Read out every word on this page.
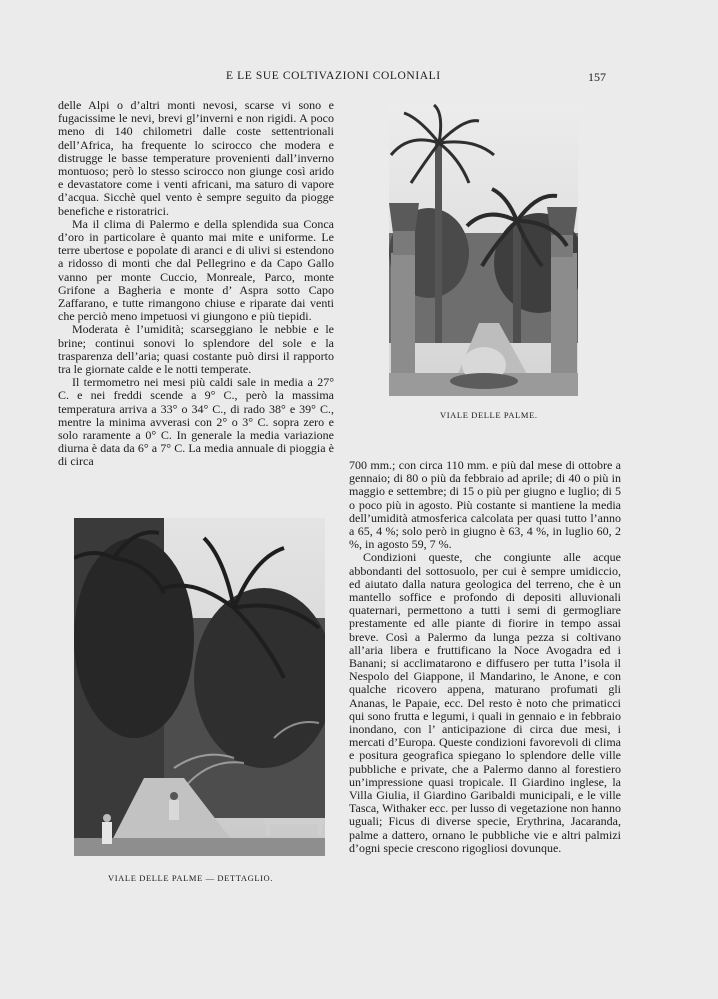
E LE SUE COLTIVAZIONI COLONIALI	157

delle Alpi o d’altri monti nevosi, scarse vi sono e fugacissime le nevi, brevi gl’inverni e non rigidi. A poco meno di 140 chilometri dalle coste settentrionali dell’Africa, ha frequente lo scirocco che modera e distrugge le basse temperature provenienti dall’inverno montuoso; però lo stesso scirocco non giunge così arido e devastatore come i venti africani, ma saturo di vapore d’acqua. Sicchè quel vento è sempre seguito da piogge benefiche e ristoratrici.

Ma il clima di Palermo e della splendida sua Conca d’oro in particolare è quanto mai mite e uniforme. Le terre ubertose e popolate di aranci e di ulivi si estendono a ridosso di monti che dal Pellegrino e da Capo Gallo vanno per monte Cuccio, Monreale, Parco, monte Grifone a Bagheria e monte d’ Aspra sotto Capo Zaffarano, e tutte rimangono chiuse e riparate dai venti che perciò meno impetuosi vi giungono e più tiepidi.

Moderata è l’umidità; scarseggiano le nebbie e le brine; continui sonovi lo splendore del sole e la trasparenza dell’aria; quasi costante può dirsi il rapporto tra le giornate calde e le notti temperate.

Il termometro nei mesi più caldi sale in media a 27° C. e nei freddi scende a 9° C., però la massima temperatura arriva a 33° o 34° C., di rado 38° e 39° C., mentre la minima avverasi con 2° o 3° C. sopra zero e solo raramente a 0° C. In generale la media variazione diurna è data da 6° a 7° C. La media annuale di pioggia è di circa	700 mm.; con circa 110 mm. e più dal mese di ottobre a gennaio; di 80 o più da febbraio ad aprile; di 40 o più in maggio e settembre; di 15 o più per giugno e luglio; di 5 o poco più in agosto. Più costante si mantiene la media dell’umidità atmosferica calcolata per quasi tutto l’anno a 65, 4 %; solo però in giugno è 63, 4 %, in luglio 60, 2 %, in agosto 59, 7 %.

Condizioni queste, che congiunte alle acque abbondanti del sottosuolo, per cui è sempre umidiccio, ed aiutato dalla natura geologica del terreno, che è un mantello soffice e profondo di depositi alluvionali quaternari, permettono a tutti i semi di germogliare prestamente ed alle piante di fiorire in tempo assai breve. Così a Palermo da lunga pezza si coltivano all’aria libera e fruttificano la Noce Avogadra ed i Banani; si acclimatarono e diffusero per tutta l’isola il Nespolo del Giappone, il Mandarino, le Anone, e con qualche ricovero appena, maturano profumati gli Ananas, le Papaie, ecc. Del resto è noto che primaticci qui sono frutta e legumi, i quali in gennaio e in febbraio inondano, con l’ anticipazione di circa due mesi, i mercati d’Europa. Queste condizioni favorevoli di clima e positura geografica spiegano lo splendore delle ville pubbliche e private, che a Palermo danno al forestiero un’impressione quasi tropicale. Il Giardino inglese, la Villa Giulia, il Giardino Garibaldi municipali, e le ville Tasca, Withaker ecc. per lusso di vegetazione non hanno uguali; Ficus di diverse specie, Erythrina, Jacaranda, palme a dattero, ornano le pubbliche vie e altri palmizi d’ogni specie crescono rigogliosi dovunque.

VIALE DELLE PALME.
VIALE DELLE PALME — DETTAGLIO.
